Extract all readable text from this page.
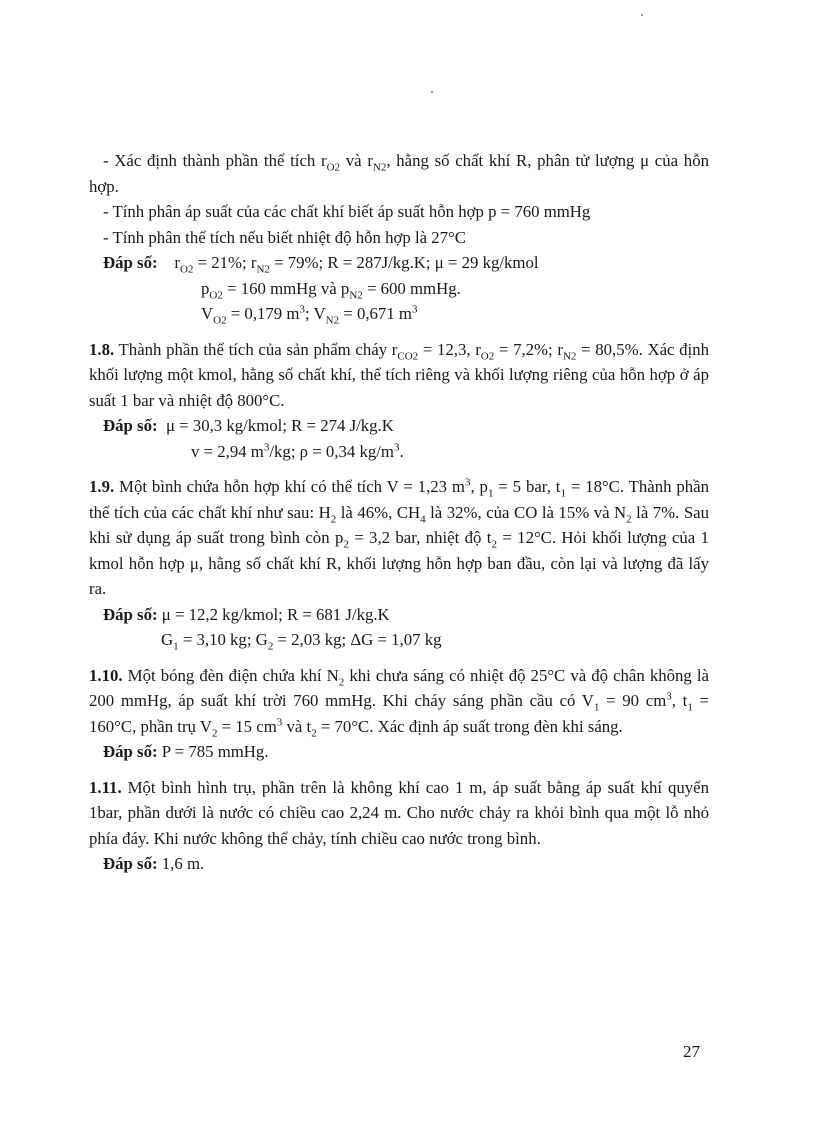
- Xác định thành phần thể tích $r_{O2}$ và $r_{N2}$, hằng số chất khí R, phân tử lượng μ của hỗn hợp.

- Tính phân áp suất của các chất khí biết áp suất hỗn hợp p = 760 mmHg

- Tính phân thể tích nếu biết nhiệt độ hỗn hợp là 27°C

Đáp số: $r_{O2} = 21\%$; $r_{N2} = 79\%$; R = 287J/kg.K; μ = 29 kg/kmol
$p_{O2} = 160$ mmHg và $p_{N2} = 600$ mmHg.
$V_{O2} = 0,179$ $m^3$; $V_{N2} = 0,671$ $m^3$

1.8. Thành phần thể tích của sản phẩm cháy $r_{CO2} = 12,3$, $r_{O2} = 7,2\%$; $r_{N2} = 80,5\%$. Xác định khối lượng một kmol, hằng số chất khí, thể tích riêng và khối lượng riêng của hỗn hợp ở áp suất 1 bar và nhiệt độ 800°C.

Đáp số: μ = 30,3 kg/kmol; R = 274 J/kg.K
v = 2,94 $m^3/kg$; ρ = 0,34 $kg/m^3$.

1.9. Một bình chứa hỗn hợp khí có thể tích V = 1,23 $m^3$, $p_1 = 5$ bar, $t_1 = 18^\circ C$. Thành phần thể tích của các chất khí như sau: $H_2$ là 46%, $CH_4$ là 32%, của CO là 15% và $N_2$ là 7%. Sau khi sử dụng áp suất trong bình còn $p_2 = 3,2$ bar, nhiệt độ $t_2 = 12^\circ C$. Hỏi khối lượng của 1 kmol hỗn hợp μ, hằng số chất khí R, khối lượng hỗn hợp ban đầu, còn lại và lượng đã lấy ra.

Đáp số: μ = 12,2 kg/kmol; R = 681 J/kg.K
$G_1 = 3,10$ kg; $G_2 = 2,03$ kg; ΔG = 1,07 kg

1.10. Một bóng đèn điện chứa khí $N_2$ khi chưa sáng có nhiệt độ 25°C và độ chân không là 200 mmHg, áp suất khí trời 760 mmHg. Khi cháy sáng phần cầu có $V_1 = 90$ $cm^3$, $t_1 = 160^\circ C$, phần trụ $V_2 = 15$ $cm^3$ và $t_2 = 70^\circ C$. Xác định áp suất trong đèn khi sáng.

Đáp số: P = 785 mmHg.

1.11. Một bình hình trụ, phần trên là không khí cao 1 m, áp suất bằng áp suất khí quyển 1bar, phần dưới là nước có chiều cao 2,24 m. Cho nước chảy ra khỏi bình qua một lỗ nhỏ phía đáy. Khi nước không thể chảy, tính chiều cao nước trong bình.

Đáp số: 1,6 m.
27
